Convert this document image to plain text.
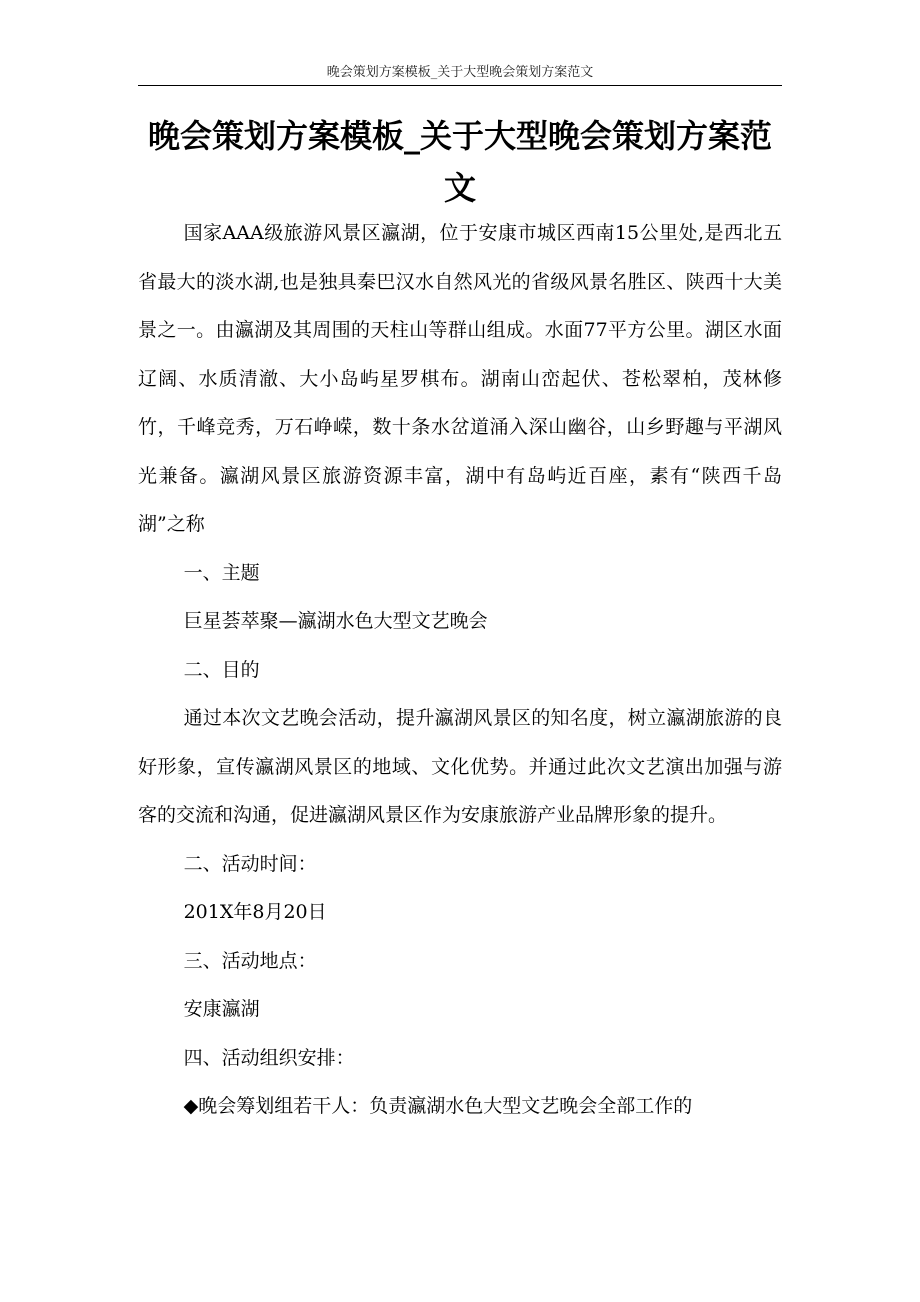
晚会策划方案模板_关于大型晚会策划方案范文
晚会策划方案模板_关于大型晚会策划方案范文

国家AAA级旅游风景区瀛湖，位于安康市城区西南15公里处,是西北五省最大的淡水湖,也是独具秦巴汉水自然风光的省级风景名胜区、陕西十大美景之一。由瀛湖及其周围的天柱山等群山组成。水面77平方公里。湖区水面辽阔、水质清澈、大小岛屿星罗棋布。湖南山峦起伏、苍松翠柏，茂林修竹，千峰竞秀，万石峥嵘，数十条水岔道涌入深山幽谷，山乡野趣与平湖风光兼备。瀛湖风景区旅游资源丰富，湖中有岛屿近百座，素有“陕西千岛湖”之称

一、主题

巨星荟萃聚—瀛湖水色大型文艺晚会

二、目的

通过本次文艺晚会活动，提升瀛湖风景区的知名度，树立瀛湖旅游的良好形象，宣传瀛湖风景区的地域、文化优势。并通过此次文艺演出加强与游客的交流和沟通，促进瀛湖风景区作为安康旅游产业品牌形象的提升。

二、活动时间：

201X年8月20日

三、活动地点：

安康瀛湖

四、活动组织安排：

◆晚会筹划组若干人：负责瀛湖水色大型文艺晚会全部工作的
